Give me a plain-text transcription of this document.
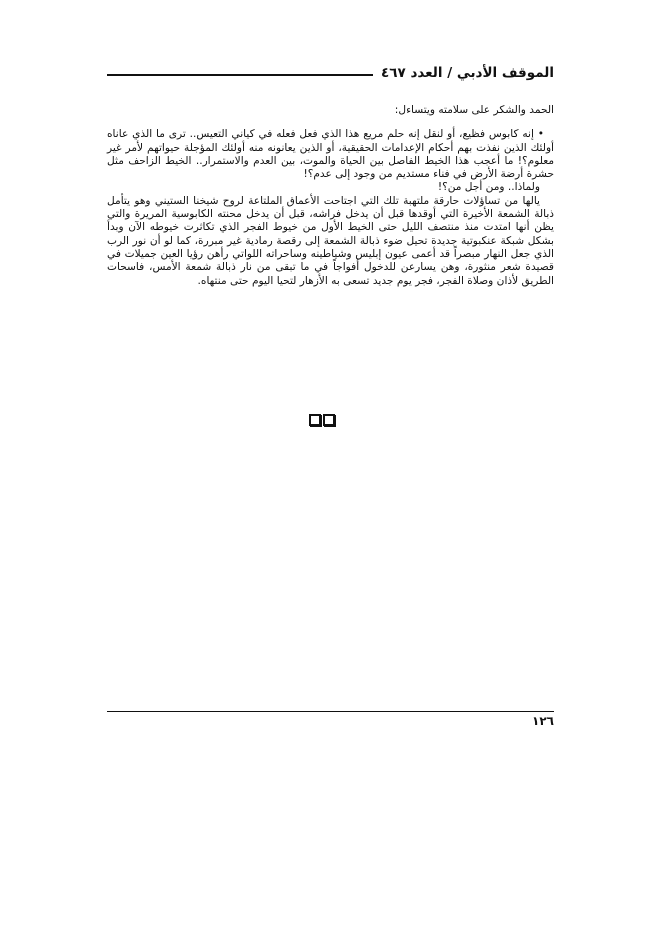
الموقف الأدبي / العدد ٤٦٧

الحمد والشكر على سلامته ويتساءل:

• إنه كابوس فظيع، أو لنقل إنه حلم مريع هذا الذي فعل فعله في كياني التعيس.. ترى ما الذي عاناه أولئك الذين نفذت بهم أحكام الإعدامات الحقيقية، أو الذين يعانونه منه أولئك المؤجلة حيواتهم لأمر غير معلوم؟! ما أعجب هذا الخيط الفاصل بين الحياة والموت، بين العدم والاستمرار.. الخيط الزاحف مثل حشرة أرضة الأرض في فناء مستديم من وجود إلى عدم؟!

ولماذا.. ومن أجل من؟!

يالها من تساؤلات حارقة ملتهبة تلك التي اجتاحت الأعماق الملتاعة لروح شيخنا الستيني وهو يتأمل ذبالة الشمعة الأخيرة التي أوقدها قبل أن يدخل فراشه، قبل أن يدخل محنته الكابوسية المريرة والتي يظن أنها امتدت منذ منتصف الليل حتى الخيط الأول من خيوط الفجر الذي تكاثرت خيوطه الآن وبدأ بشكل شبكة عنكبوتية جديدة تحيل ضوء ذبالة الشمعة إلى رقصة رمادية غير مبررة، كما لو أن نور الرب الذي جعل النهار مبصراً قد أعمى عيون إبليس وشياطينه وساحراته اللواتي رأهن رؤيا العين جميلات في قصيدة شعر منثورة، وهن يسارعن للدخول أفواجاً في ما تبقى من نار ذبالة شمعة الأمس، فاسحات الطريق لأذان وصلاة الفجر، فجر يوم جديد تسعى به الأزهار لتحيا اليوم حتى منتهاه.

١٢٦
